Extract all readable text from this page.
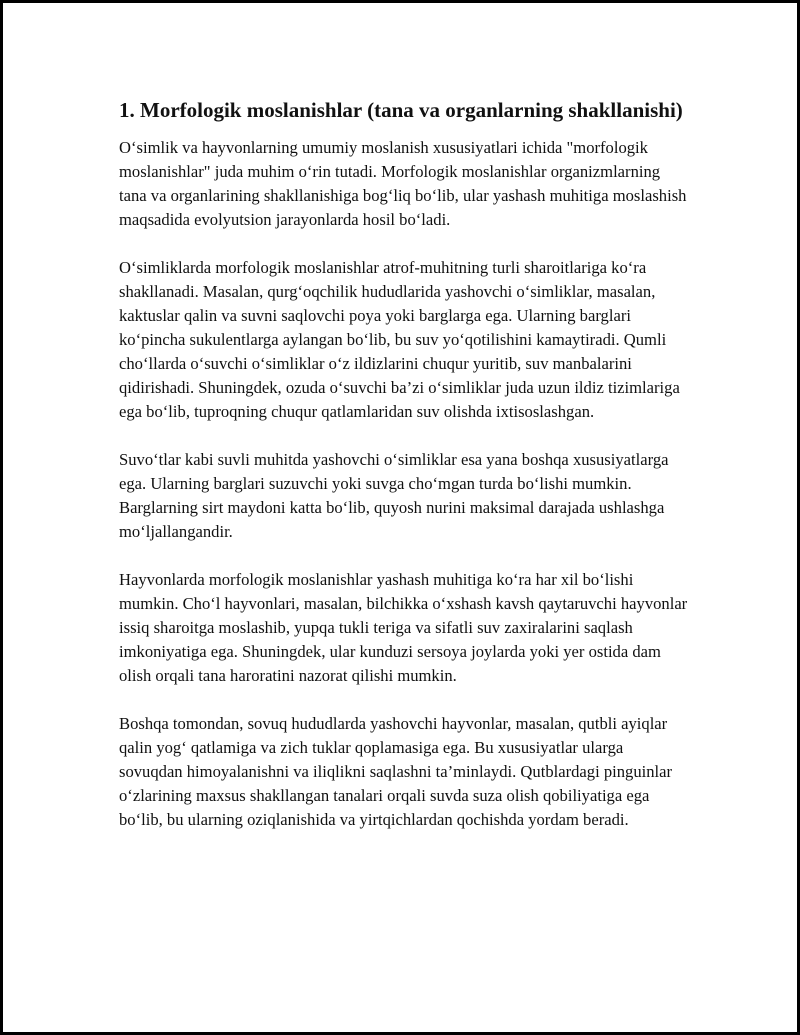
1. Morfologik moslanishlar (tana va organlarning shakllanishi)

O‘simlik va hayvonlarning umumiy moslanish xususiyatlari ichida "morfologik moslanishlar" juda muhim o‘rin tutadi. Morfologik moslanishlar organizmlarning tana va organlarining shakllanishiga bog‘liq bo‘lib, ular yashash muhitiga moslashish maqsadida evolyutsion jarayonlarda hosil bo‘ladi.

O‘simliklarda morfologik moslanishlar atrof-muhitning turli sharoitlariga ko‘ra shakllanadi. Masalan, qurg‘oqchilik hududlarida yashovchi o‘simliklar, masalan, kaktuslar qalin va suvni saqlovchi poya yoki barglarga ega. Ularning barglari ko‘pincha sukulentlarga aylangan bo‘lib, bu suv yo‘qotilishini kamaytiradi. Qumli cho‘llarda o‘suvchi o‘simliklar o‘z ildizlarini chuqur yuritib, suv manbalarini qidirishadi. Shuningdek, ozuda o‘suvchi ba’zi o‘simliklar juda uzun ildiz tizimlariga ega bo‘lib, tuproqning chuqur qatlamlaridan suv olishda ixtisoslashgan.

Suvo‘tlar kabi suvli muhitda yashovchi o‘simliklar esa yana boshqa xususiyatlarga ega. Ularning barglari suzuvchi yoki suvga cho‘mgan turda bo‘lishi mumkin. Barglarning sirt maydoni katta bo‘lib, quyosh nurini maksimal darajada ushlashga mo‘ljallangandir.

Hayvonlarda morfologik moslanishlar yashash muhitiga ko‘ra har xil bo‘lishi mumkin. Cho‘l hayvonlari, masalan, bilchikka o‘xshash kavsh qaytaruvchi hayvonlar issiq sharoitga moslashib, yupqa tukli teriga va sifatli suv zaxiralarini saqlash imkoniyatiga ega. Shuningdek, ular kunduzi sersoya joylarda yoki yer ostida dam olish orqali tana haroratini nazorat qilishi mumkin.

Boshqa tomondan, sovuq hududlarda yashovchi hayvonlar, masalan, qutbli ayiqlar qalin yog‘ qatlamiga va zich tuklar qoplamasiga ega. Bu xususiyatlar ularga sovuqdan himoyalanishni va iliqlikni saqlashni ta’minlaydi. Qutblardagi pinguinlar o‘zlarining maxsus shakllangan tanalari orqali suvda suza olish qobiliyatiga ega bo‘lib, bu ularning oziqlanishida va yirtqichlardan qochishda yordam beradi.
